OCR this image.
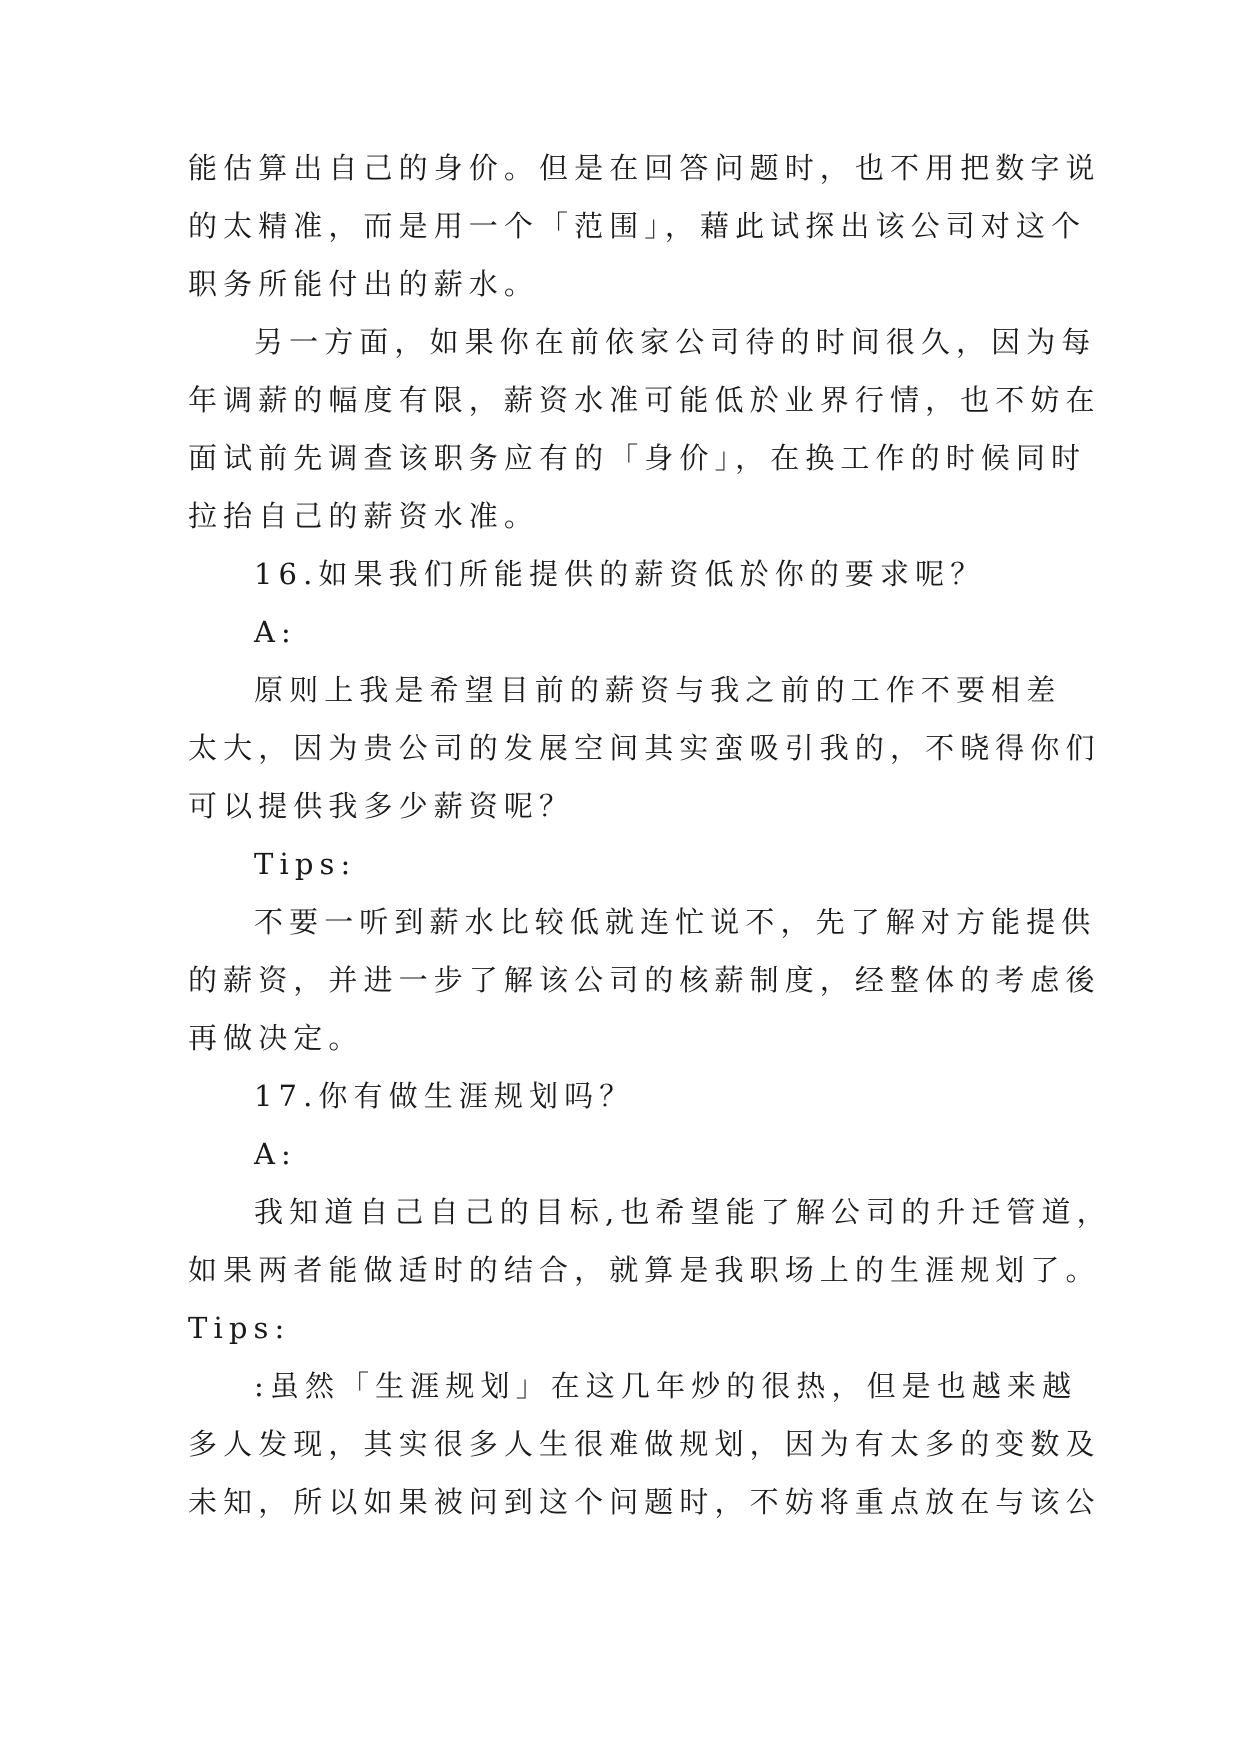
能估算出自己的身价。但是在回答问题时，也不用把数字说
的太精准，而是用一个「范围」，藉此试探出该公司对这个
职务所能付出的薪水。
另一方面，如果你在前依家公司待的时间很久，因为每
年调薪的幅度有限，薪资水准可能低於业界行情，也不妨在
面试前先调查该职务应有的「身价」，在换工作的时候同时
拉抬自己的薪资水准。
16.如果我们所能提供的薪资低於你的要求呢？
A:
原则上我是希望目前的薪资与我之前的工作不要相差
太大，因为贵公司的发展空间其实蛮吸引我的，不晓得你们
可以提供我多少薪资呢？
Tips:
不要一听到薪水比较低就连忙说不，先了解对方能提供
的薪资，并进一步了解该公司的核薪制度，经整体的考虑後
再做决定。
17.你有做生涯规划吗？
A:
我知道自己自己的目标,也希望能了解公司的升迁管道，
如果两者能做适时的结合，就算是我职场上的生涯规划了。
Tips:
:虽然「生涯规划」在这几年炒的很热，但是也越来越
多人发现，其实很多人生很难做规划，因为有太多的变数及
未知，所以如果被问到这个问题时，不妨将重点放在与该公
